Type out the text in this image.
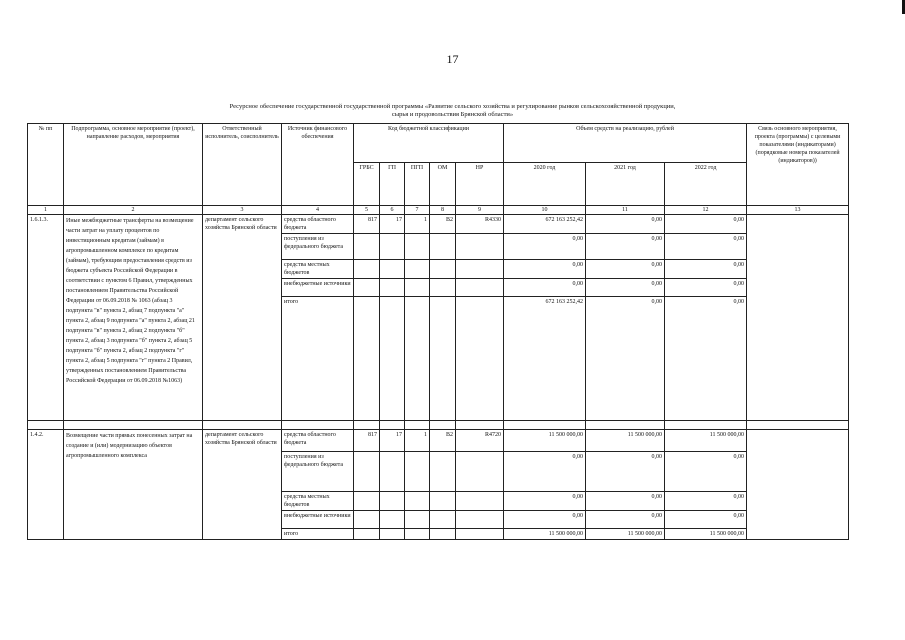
17
Ресурсное обеспечение государственной государственной программы «Развитие сельского хозяйства и регулирование рынков сельскохозяйственной продукции,
сырья и продовольствия Брянской области»
№ пп	Подпрограмма, основное мероприятие (проект), направление расходов, мероприятия	Ответственный исполнитель, соисполнитель	Источник финансового обеспечения	Код бюджетной классификации					Объем средств на реализацию, рублей			Связь основного мероприятия, проекта (программы) с целевыми показателями (индикаторами) (порядковые номера показателей (индикаторов))
				ГРБС	ГП	ПГП	ОМ	НР	2020 год	2021 год	2022 год	
1	2	3	4	5	6	7	8	9	10	11	12	13
1.6.1.3.	Иные межбюджетные трансферты на возмещение части затрат на уплату процентов по инвестиционным кредитам (займам) в агропромышленном комплексе по кредитам (займам), требующим предоставления средств из бюджета субъекта Российской Федерации в соответствии с пунктом 6 Правил, утвержденных постановлением Правительства Российской Федерации от 06.09.2018 № 1063 (абзац 3 подпункта "в" пункта 2, абзац 7 подпункта "а" пункта 2, абзац 9 подпункта "а" пункта 2, абзац 21 подпункта "в" пункта 2, абзац 2 подпункта "б" пункта 2, абзац 3 подпункта "б" пункта 2, абзац 5 подпункта "б" пункта 2, абзац 2 подпункта "г" пункта 2, абзац 5 подпункта "г" пункта 2 Правил, утвержденных постановлением Правительства Российской Федерации от 06.09.2018 №1063)	департамент сельского хозяйства Брянской области	средства областного бюджета	817	17	1	В2	R4330	672 163 252,42	0,00	0,00	
			поступления из федерального бюджета						0,00	0,00	0,00	
			средства местных бюджетов						0,00	0,00	0,00	
			внебюджетные источники						0,00	0,00	0,00	
			итого						672 163 252,42	0,00	0,00	

1.4.2.	Возмещение части прямых понесенных затрат на создание и (или) модернизацию объектов агропромышленного комплекса	департамент сельского хозяйства Брянской области	средства областного бюджета	817	17	1	В2	R4720	11 500 000,00	11 500 000,00	11 500 000,00	
			поступления из федерального бюджета						0,00	0,00	0,00	
			средства местных бюджетов						0,00	0,00	0,00	
			внебюджетные источники						0,00	0,00	0,00	
			итого						11 500 000,00	11 500 000,00	11 500 000,00	
